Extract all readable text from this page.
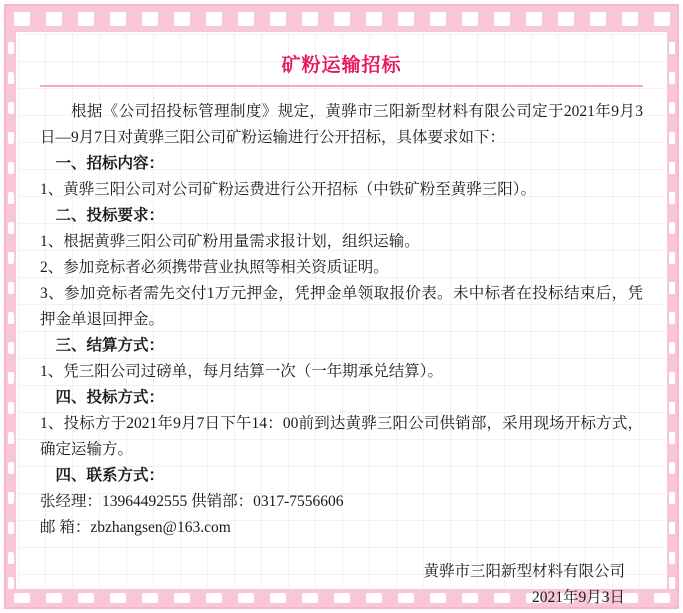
矿粉运输招标

根据《公司招投标管理制度》规定，黄骅市三阳新型材料有限公司定于2021年9月3日—9月7日对黄骅三阳公司矿粉运输进行公开招标，具体要求如下：

一、招标内容：

1、黄骅三阳公司对公司矿粉运费进行公开招标（中铁矿粉至黄骅三阳）。

二、投标要求：

1、根据黄骅三阳公司矿粉用量需求报计划，组织运输。

2、参加竞标者必须携带营业执照等相关资质证明。

3、参加竞标者需先交付1万元押金，凭押金单领取报价表。未中标者在投标结束后，凭押金单退回押金。

三、结算方式：

1、凭三阳公司过磅单，每月结算一次（一年期承兑结算）。

四、投标方式：

1、投标方于2021年9月7日下午14：00前到达黄骅三阳公司供销部，采用现场开标方式，确定运输方。

四、联系方式：

张经理：13964492555 供销部：0317-7556606

邮 箱：zbzhangsen@163.com

黄骅市三阳新型材料有限公司
2021年9月3日
